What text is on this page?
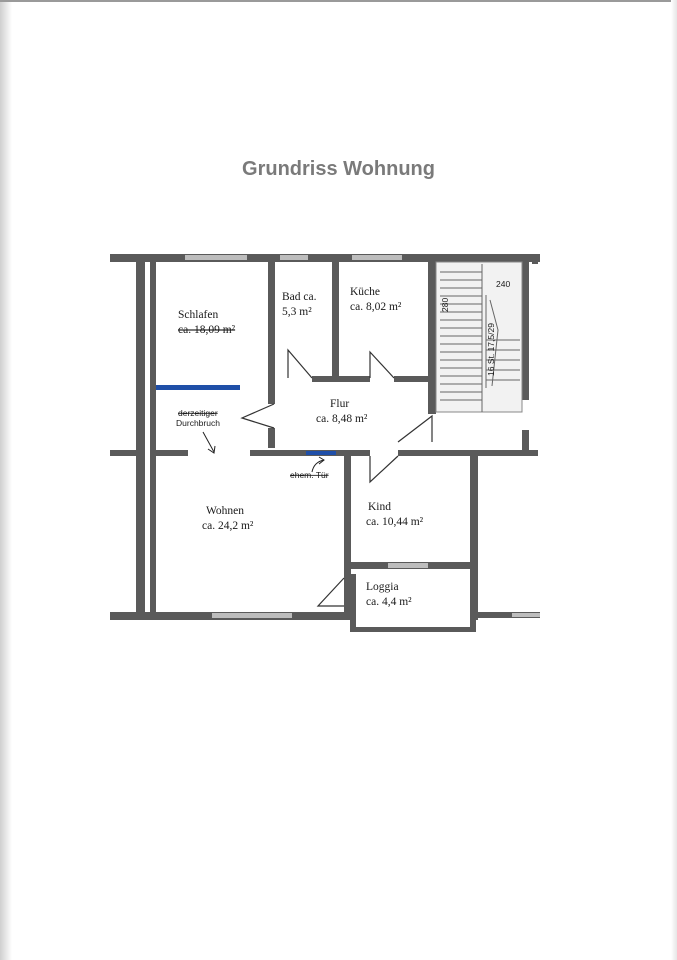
Grundriss Wohnung
240
280
16 St. 17,5/29
Schlafen
ca. 18,09 m²
Bad ca.
5,3 m²
Küche
ca. 8,02 m²
Flur
ca. 8,48 m²
Wohnen
ca. 24,2 m²
Kind
ca. 10,44 m²
Loggia
ca. 4,4 m²
derzeitiger
Durchbruch
ehem. Tür
